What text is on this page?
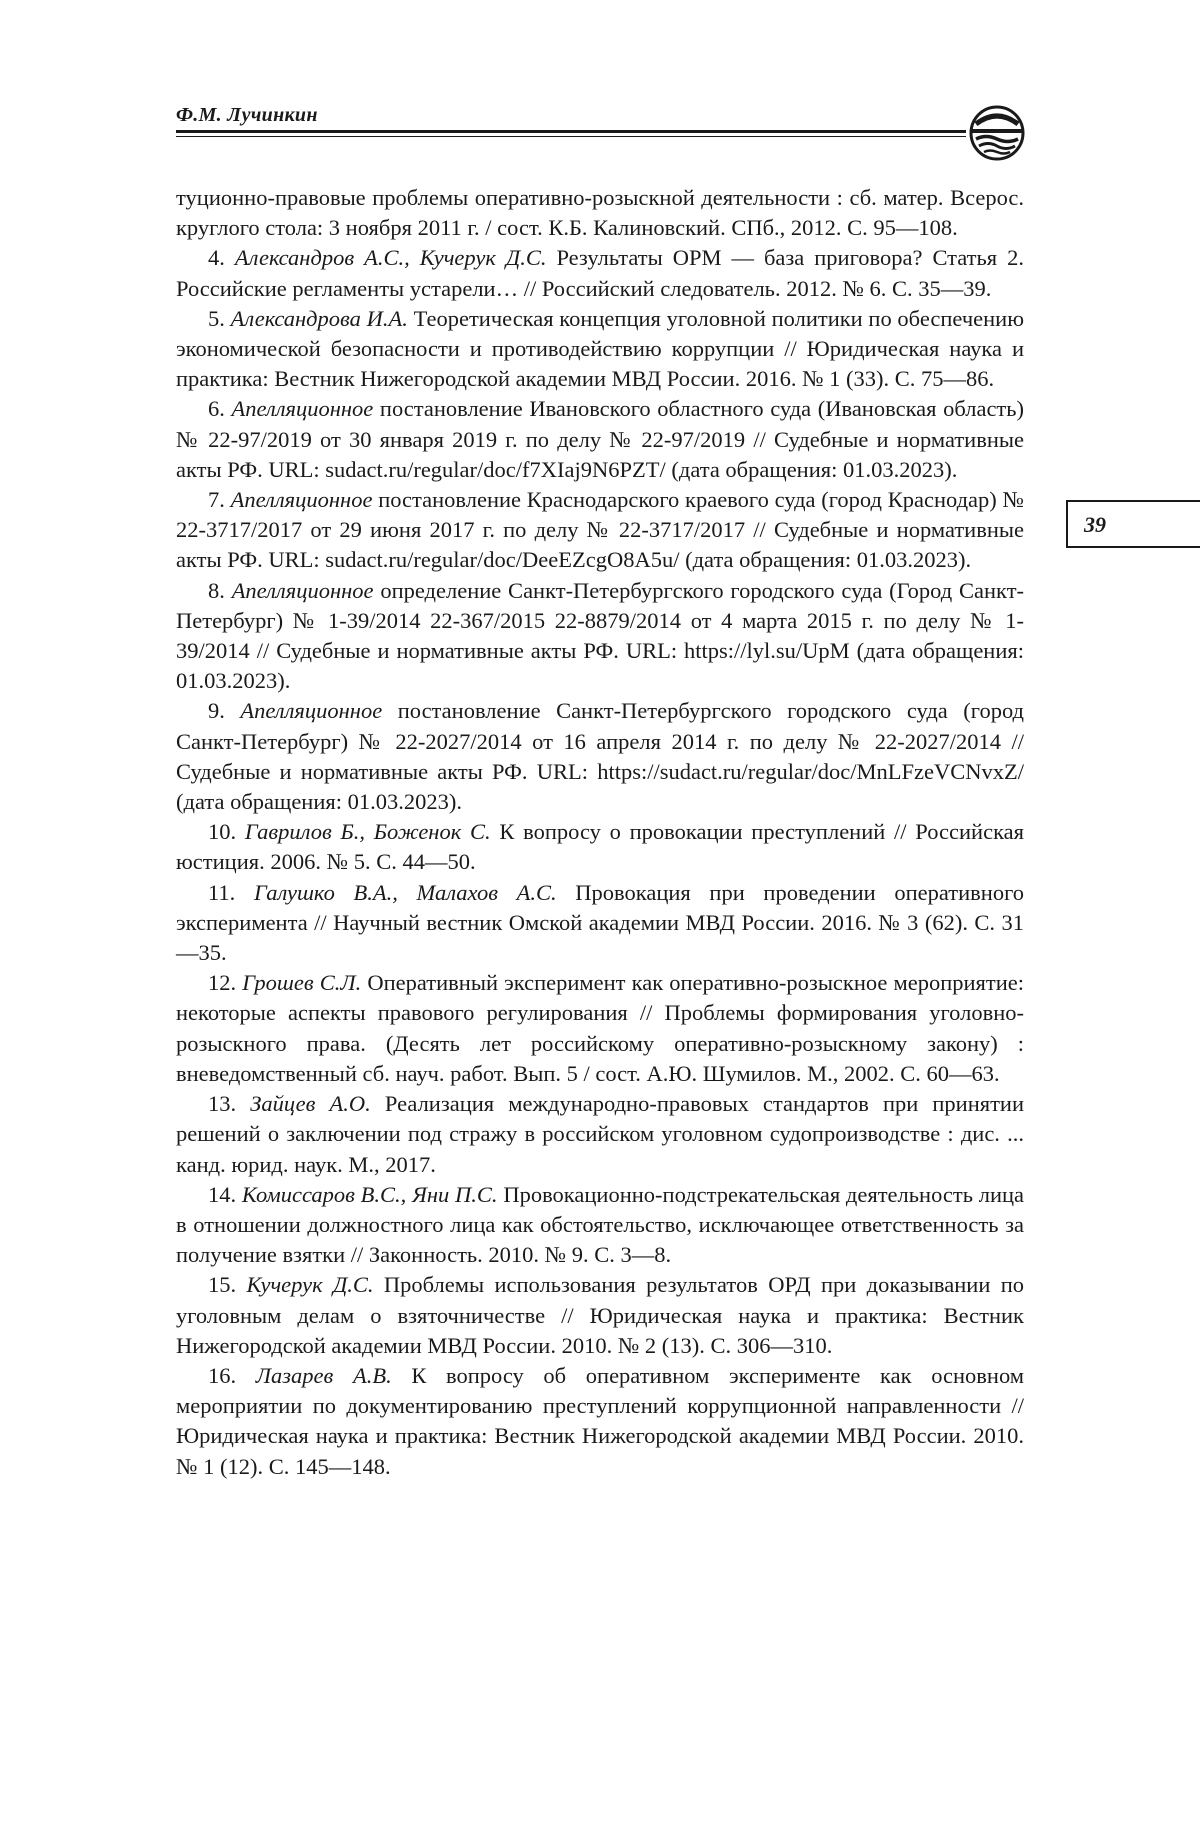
Ф.М. Лучинкин
39

туционно-правовые проблемы оперативно-розыскной деятельности : сб. матер. Всерос. круглого стола: 3 ноября 2011 г. / сост. К.Б. Калиновский. СПб., 2012. С. 95—108.

4. Александров А.С., Кучерук Д.С. Результаты ОРМ — база приговора? Статья 2. Российские регламенты устарели… // Российский следователь. 2012. № 6. С. 35—39.

5. Александрова И.А. Теоретическая концепция уголовной политики по обеспечению экономической безопасности и противодействию коррупции // Юридическая наука и практика: Вестник Нижегородской академии МВД России. 2016. № 1 (33). С. 75—86.

6. Апелляционное постановление Ивановского областного суда (Ивановская область) № 22-97/2019 от 30 января 2019 г. по делу № 22-97/2019 // Судебные и нормативные акты РФ. URL: sudact.ru/regular/doc/f7XIaj9N6PZT/ (дата обращения: 01.03.2023).

7. Апелляционное постановление Краснодарского краевого суда (город Краснодар) № 22-3717/2017 от 29 июня 2017 г. по делу № 22-3717/2017 // Судебные и нормативные акты РФ. URL: sudact.ru/regular/doc/DeeEZcgO8A5u/ (дата обращения: 01.03.2023).

8. Апелляционное определение Санкт-Петербургского городского суда (Город Санкт-Петербург) № 1-39/2014 22-367/2015 22-8879/2014 от 4 марта 2015 г. по делу № 1-39/2014 // Судебные и нормативные акты РФ. URL: https://lyl.su/UpM (дата обращения: 01.03.2023).

9. Апелляционное постановление Санкт-Петербургского городского суда (город Санкт-Петербург) № 22-2027/2014 от 16 апреля 2014 г. по делу № 22-2027/2014 // Судебные и нормативные акты РФ. URL: https://sudact.ru/regular/doc/MnLFzeVCNvxZ/ (дата обращения: 01.03.2023).

10. Гаврилов Б., Боженок С. К вопросу о провокации преступлений // Российская юстиция. 2006. № 5. С. 44—50.

11. Галушко В.А., Малахов А.С. Провокация при проведении оперативного эксперимента // Научный вестник Омской академии МВД России. 2016. № 3 (62). С. 31—35.

12. Грошев С.Л. Оперативный эксперимент как оперативно-розыскное мероприятие: некоторые аспекты правового регулирования // Проблемы формирования уголовно-розыскного права. (Десять лет российскому оперативно-розыскному закону) : вневедомственный сб. науч. работ. Вып. 5 / сост. А.Ю. Шумилов. М., 2002. С. 60—63.

13. Зайцев А.О. Реализация международно-правовых стандартов при принятии решений о заключении под стражу в российском уголовном судопроизводстве : дис. ... канд. юрид. наук. М., 2017.

14. Комиссаров В.С., Яни П.С. Провокационно-подстрекательская деятельность лица в отношении должностного лица как обстоятельство, исключающее ответственность за получение взятки // Законность. 2010. № 9. С. 3—8.

15. Кучерук Д.С. Проблемы использования результатов ОРД при доказывании по уголовным делам о взяточничестве // Юридическая наука и практика: Вестник Нижегородской академии МВД России. 2010. № 2 (13). С. 306—310.

16. Лазарев А.В. К вопросу об оперативном эксперименте как основном мероприятии по документированию преступлений коррупционной направленности // Юридическая наука и практика: Вестник Нижегородской академии МВД России. 2010. № 1 (12). С. 145—148.
